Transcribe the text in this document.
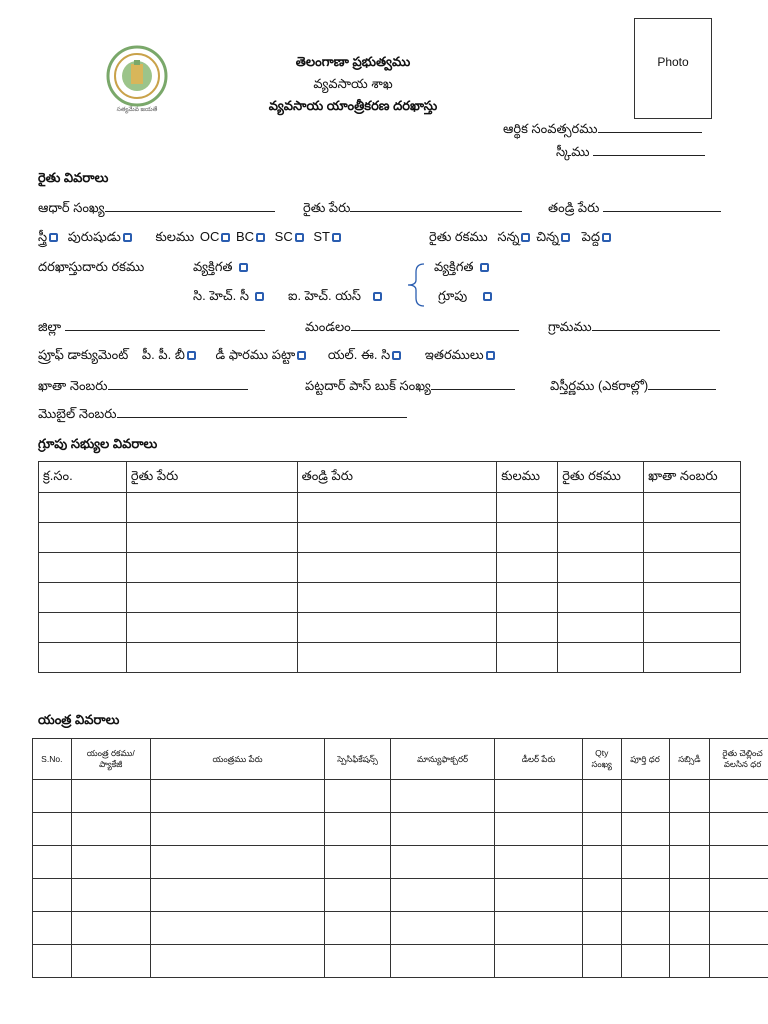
సత్యమేవ జయతే
తెలంగాణా ప్రభుత్వము
వ్యవసాయ శాఖ
వ్యవసాయ యాంత్రీకరణ దరఖాస్తు
Photo
ఆర్థిక సంవత్సరము
స్కీము
రైతు వివరాలు
ఆధార్ సంఖ్య	రైతు పేరు	తండ్రి పేరు
స్త్రీ పురుషుడు	కులము OC BC SC ST	రైతు రకము సన్న చిన్న పెద్ద
దరఖాస్తుదారు రకము	వ్యక్తిగత
సి. హెచ్. సీ	ఐ. హెచ్. యస్
వ్యక్తిగత
గ్రూపు
జిల్లా	మండలం	గ్రామము
ప్రూఫ్ డాక్యుమెంట్ పీ. పీ. బీ డీ ఫారము పట్టా	యల్. ఈ. సి	ఇతరములు
ఖాతా నెంబరు	పట్టదార్ పాస్ బుక్ సంఖ్య	విస్తీర్ణము (ఎకరాల్లో)
మొబైల్ నెంబరు
గ్రూపు సభ్యుల వివరాలు
క్ర.సం.	రైతు పేరు	తండ్రి పేరు	కులము	రైతు రకము	ఖాతా నంబరు

యంత్ర వివరాలు
S.No.	యంత్ర రకము/ ప్యాకేజీ	యంత్రము పేరు	స్పెసిఫికేషన్స్	మాన్యుఫాక్చరర్	డీలర్ పేరు	Qty సంఖ్య	పూర్తి ధర	సబ్సిడీ	రైతు చెల్లించ వలసిన ధర
